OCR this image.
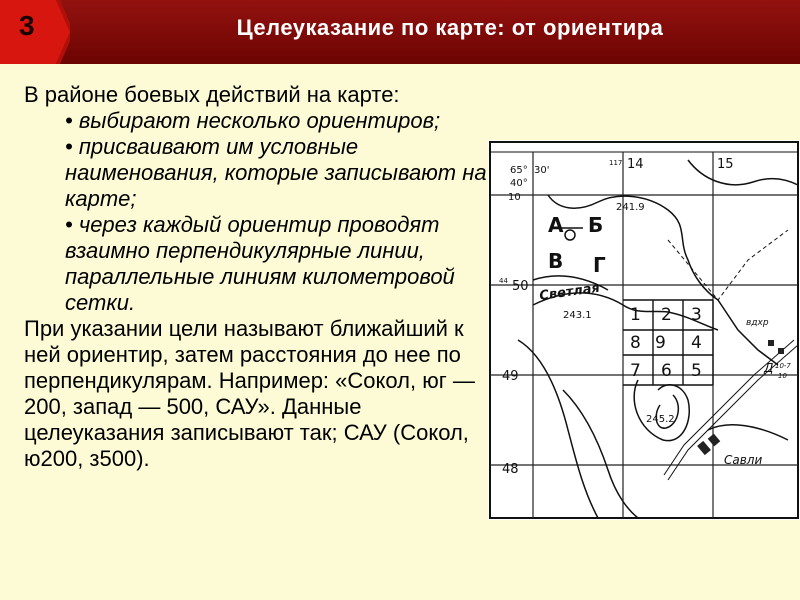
3	Целеуказание по карте: от ориентира

В районе боевых действий на карте:

• выбирают несколько ориентиров;
• присваивают им условные наименования, которые записывают на карте;
• через каждый ориентир проводят взаимно перпендикулярные линии, параллельные линиям километровой сетки.

При указании цели называют ближайший к ней ориентир, затем расстояния до нее по перпендикулярам. Например: «Сокол, юг — 200, запад — 500, САУ». Данные целеуказания записывают так; САУ (Сокол, ю200, з500).

65° 30'
40°
14	15
117
10
50
44
49
48
241.9
243.1
245.2
А Б
В Г
1 2 3
8 9 4
7 6 5
Светлая
Савли
вдхр
Д 10-7
10
